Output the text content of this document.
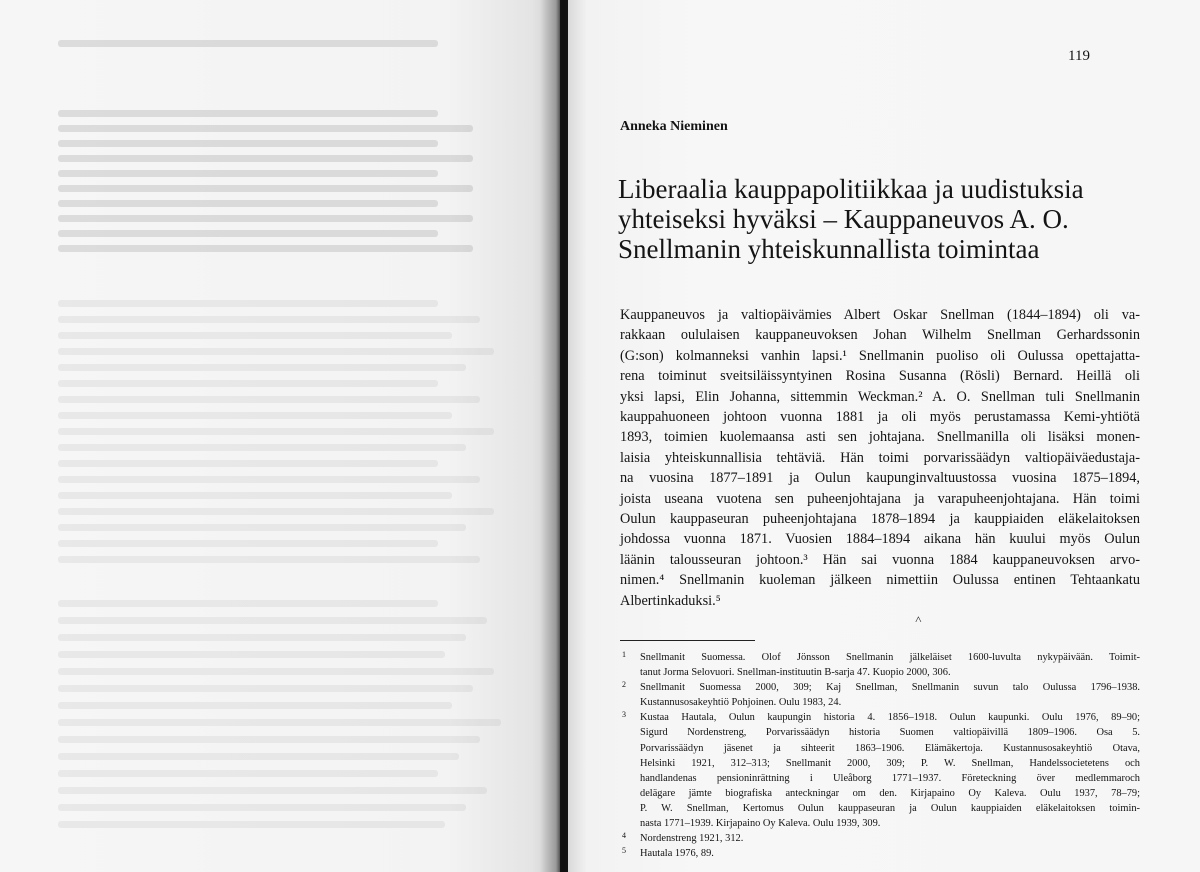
119
Anneka Nieminen
Liberaalia kauppapolitiikkaa ja uudistuksia
yhteiseksi hyväksi – Kauppaneuvos A. O.
Snellmanin yhteiskunnallista toimintaa
Kauppaneuvos ja valtiopäivämies Albert Oskar Snellman (1844–1894) oli va-
rakkaan oululaisen kauppaneuvoksen Johan Wilhelm Snellman Gerhardssonin
(G:son) kolmanneksi vanhin lapsi.¹ Snellmanin puoliso oli Oulussa opettajatta-
rena toiminut sveitsiläissyntyinen Rosina Susanna (Rösli) Bernard. Heillä oli
yksi lapsi, Elin Johanna, sittemmin Weckman.² A. O. Snellman tuli Snellmanin
kauppahuoneen johtoon vuonna 1881 ja oli myös perustamassa Kemi-yhtiötä
1893, toimien kuolemaansa asti sen johtajana. Snellmanilla oli lisäksi monen-
laisia yhteiskunnallisia tehtäviä. Hän toimi porvarissäädyn valtiopäiväedustaja-
na vuosina 1877–1891 ja Oulun kaupunginvaltuustossa vuosina 1875–1894,
joista useana vuotena sen puheenjohtajana ja varapuheenjohtajana. Hän toimi
Oulun kauppaseuran puheenjohtajana 1878–1894 ja kauppiaiden eläkelaitoksen
johdossa vuonna 1871. Vuosien 1884–1894 aikana hän kuului myös Oulun
läänin talousseuran johtoon.³ Hän sai vuonna 1884 kauppaneuvoksen arvo-
nimen.⁴ Snellmanin kuoleman jälkeen nimettiin Oulussa entinen Tehtaankatu
Albertinkaduksi.⁵
1 Snellmanit Suomessa. Olof Jönsson Snellmanin jälkeläiset 1600-luvulta nykypäivään. Toimit-
tanut Jorma Selovuori. Snellman-instituutin B-sarja 47. Kuopio 2000, 306.
2 Snellmanit Suomessa 2000, 309; Kaj Snellman, Snellmanin suvun talo Oulussa 1796–1938.
Kustannusosakeyhtiö Pohjoinen. Oulu 1983, 24.
3 Kustaa Hautala, Oulun kaupungin historia 4. 1856–1918. Oulun kaupunki. Oulu 1976, 89–90;
Sigurd Nordenstreng, Porvarissäädyn historia Suomen valtiopäivillä 1809–1906. Osa 5.
Porvarissäädyn jäsenet ja sihteerit 1863–1906. Elämäkertoja. Kustannusosakeyhtiö Otava,
Helsinki 1921, 312–313; Snellmanit 2000, 309; P. W. Snellman, Handelssocietetens och
handlandenas pensioninrättning i Uleåborg 1771–1937. Företeckning över medlemmaroch
delägare jämte biografiska anteckningar om den. Kirjapaino Oy Kaleva. Oulu 1937, 78–79;
P. W. Snellman, Kertomus Oulun kauppaseuran ja Oulun kauppiaiden eläkelaitoksen toimin-
nasta 1771–1939. Kirjapaino Oy Kaleva. Oulu 1939, 309.
4 Nordenstreng 1921, 312.
5 Hautala 1976, 89.
˄
